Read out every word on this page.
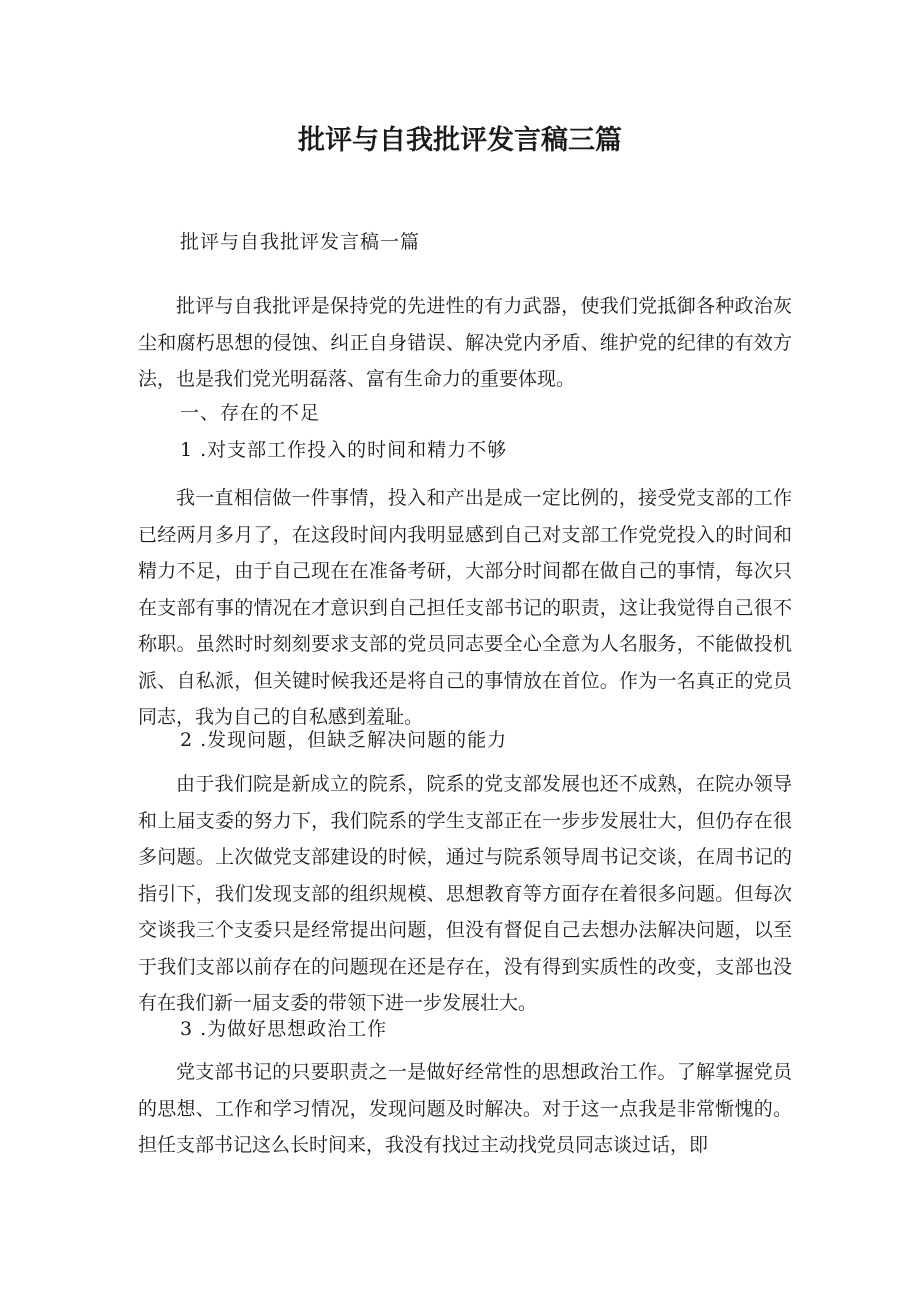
批评与自我批评发言稿三篇

批评与自我批评发言稿一篇

批评与自我批评是保持党的先进性的有力武器，使我们党抵御各种政治灰尘和腐朽思想的侵蚀、纠正自身错误、解决党内矛盾、维护党的纪律的有效方法，也是我们党光明磊落、富有生命力的重要体现。

一、存在的不足

1 .对支部工作投入的时间和精力不够

我一直相信做一件事情，投入和产出是成一定比例的，接受党支部的工作已经两月多月了，在这段时间内我明显感到自己对支部工作党党投入的时间和精力不足，由于自己现在在准备考研，大部分时间都在做自己的事情，每次只在支部有事的情况在才意识到自己担任支部书记的职责，这让我觉得自己很不称职。虽然时时刻刻要求支部的党员同志要全心全意为人名服务，不能做投机派、自私派，但关键时候我还是将自己的事情放在首位。作为一名真正的党员同志，我为自己的自私感到羞耻。

2 .发现问题，但缺乏解决问题的能力

由于我们院是新成立的院系，院系的党支部发展也还不成熟，在院办领导和上届支委的努力下，我们院系的学生支部正在一步步发展壮大，但仍存在很多问题。上次做党支部建设的时候，通过与院系领导周书记交谈，在周书记的指引下，我们发现支部的组织规模、思想教育等方面存在着很多问题。但每次交谈我三个支委只是经常提出问题，但没有督促自己去想办法解决问题，以至于我们支部以前存在的问题现在还是存在，没有得到实质性的改变，支部也没有在我们新一届支委的带领下进一步发展壮大。

3 .为做好思想政治工作

党支部书记的只要职责之一是做好经常性的思想政治工作。了解掌握党员的思想、工作和学习情况，发现问题及时解决。对于这一点我是非常惭愧的。担任支部书记这么长时间来，我没有找过主动找党员同志谈过话，即
